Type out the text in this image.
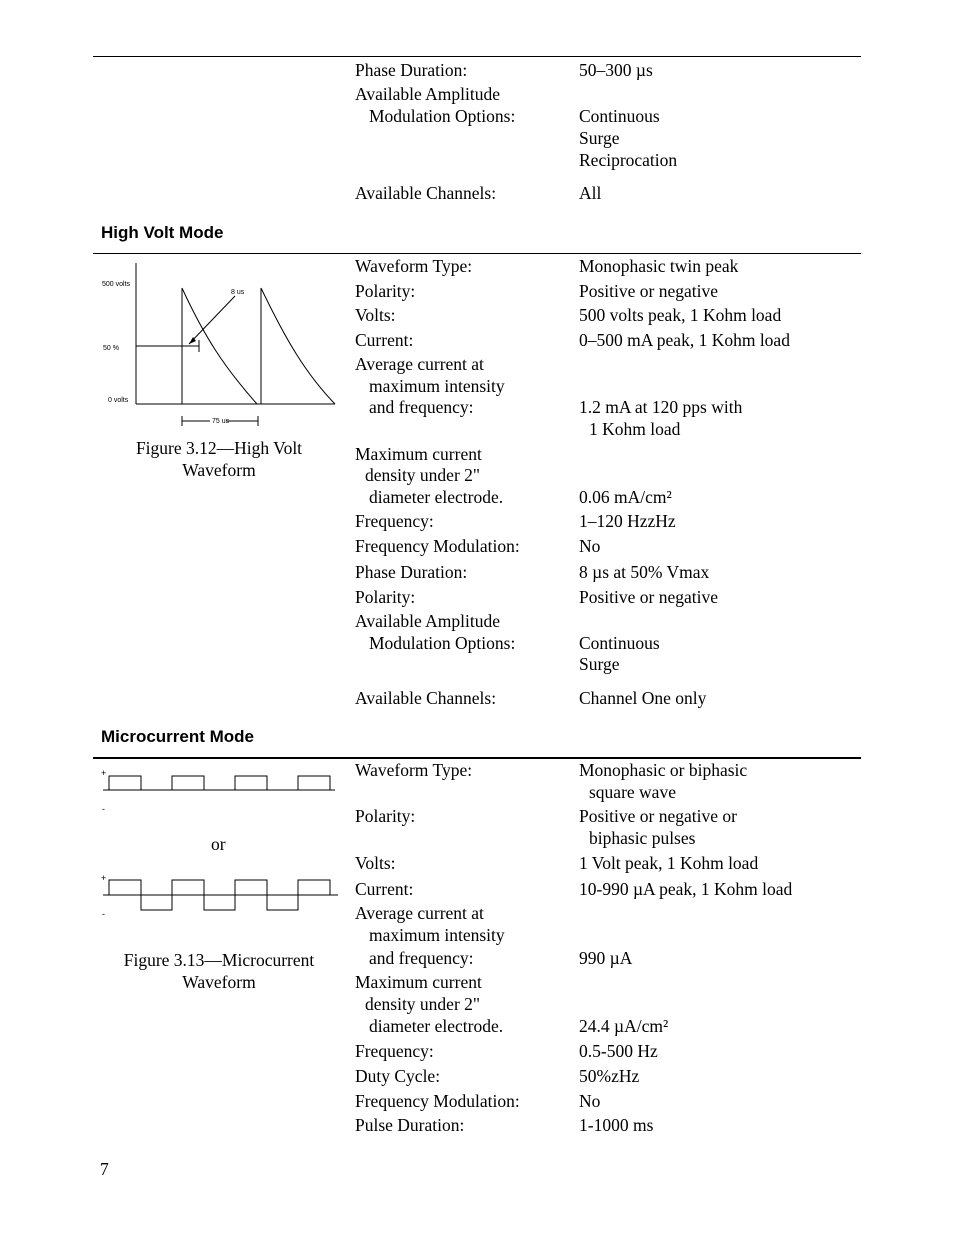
Phase Duration:	50–300 µs
Available Amplitude
Modulation Options:	Continuous
Surge
Reciprocation
Available Channels:	All
High Volt Mode
500 volts
50 %
0 volts
8 us
75 us
Figure 3.12—High Volt
Waveform
Waveform Type:	Monophasic twin peak
Polarity:	Positive or negative
Volts:	500 volts peak, 1 Kohm load
Current:	0–500 mA peak, 1 Kohm load
Average current at
maximum intensity
and frequency:	1.2 mA at 120 pps with
1 Kohm load
Maximum current
density under 2"
diameter electrode.	0.06 mA/cm²
Frequency:	1–120 HzzHz
Frequency Modulation:	No
Phase Duration:	8 µs at 50% Vmax
Polarity:	Positive or negative
Available Amplitude
Modulation Options:	Continuous
Surge
Available Channels:	Channel One only
Microcurrent Mode
+
-
or
+
-
Figure 3.13—Microcurrent
Waveform
Waveform Type:	Monophasic or biphasic
square wave
Polarity:	Positive or negative or
biphasic pulses
Volts:	1 Volt peak, 1 Kohm load
Current:	10-990 µA peak, 1 Kohm load
Average current at
maximum intensity
and frequency:	990 µA
Maximum current
density under 2"
diameter electrode.	24.4 µA/cm²
Frequency:	0.5-500 Hz
Duty Cycle:	50%zHz
Frequency Modulation:	No
Pulse Duration:	1-1000 ms
7
